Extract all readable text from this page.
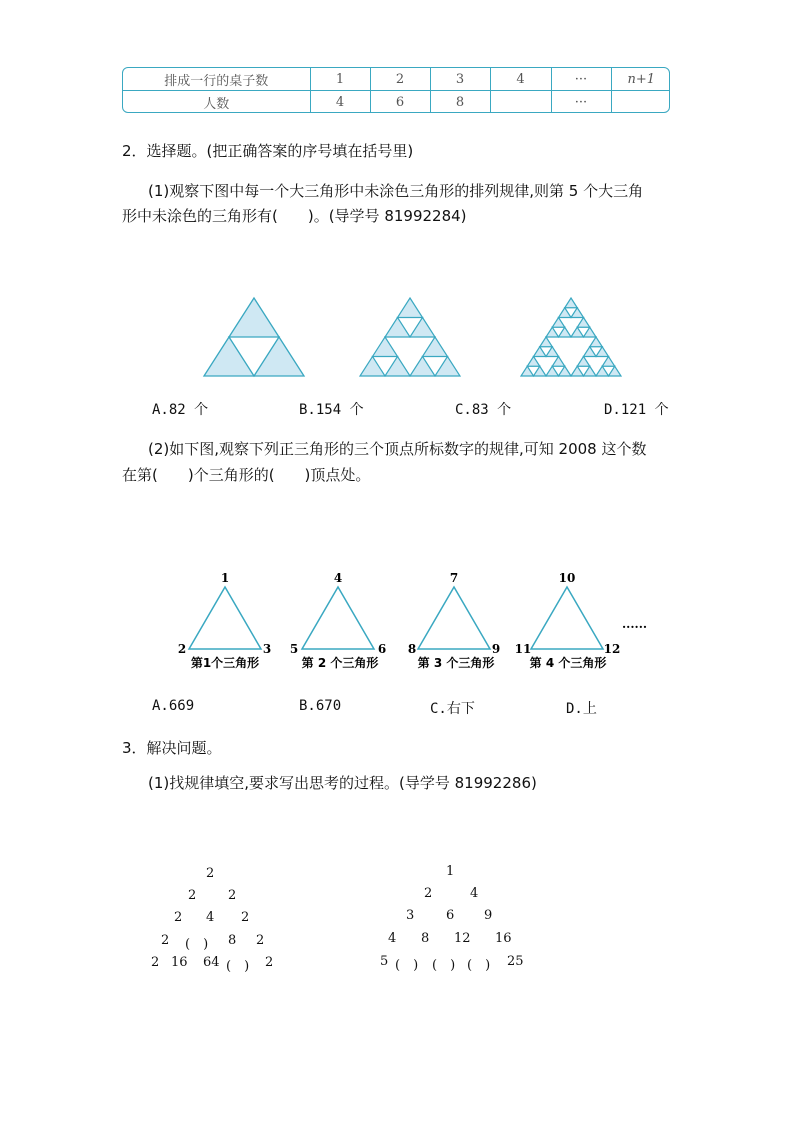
排成一行的桌子数	1	2	3	4	···	n+1
人数	4	6	8		···	
2．选择题。(把正确答案的序号填在括号里)
(1)观察下图中每一个大三角形中未涂色三角形的排列规律,则第 5 个大三角
形中未涂色的三角形有(　　)。(导学号 81992284)
A.82 个	B.154 个	C.83 个	D.121 个
(2)如下图,观察下列正三角形的三个顶点所标数字的规律,可知 2008 这个数
在第(　　)个三角形的(　　)顶点处。
1
2	3
第1个三角形
4
5	6
第 2 个三角形
7
8	9
第 3 个三角形
10
11	12
第 4 个三角形
......
A.669	B.670	C.右下	D.上
3．解决问题。
(1)找规律填空,要求写出思考的过程。(导学号 81992286)
2
2 2
2 4 2
2 (　) 8 2
2 16 64 (　) 2
1
2	4
3 6 9
4 8 12 16
5 (　) (　) (　) 25
